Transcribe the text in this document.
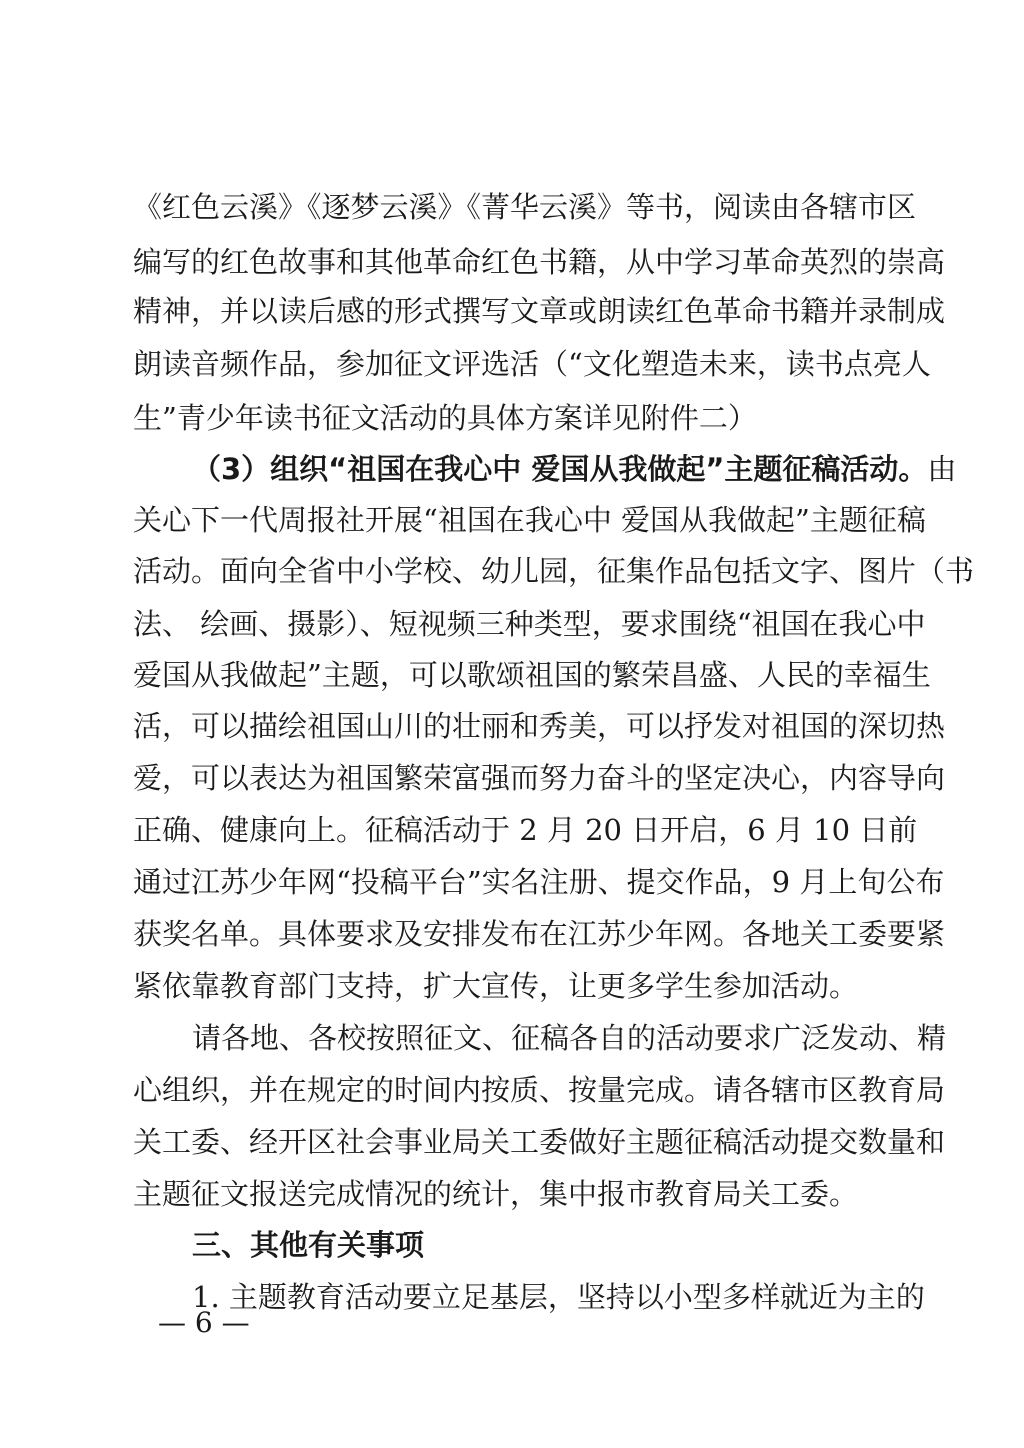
《红色云溪》《逐梦云溪》《菁华云溪》等书，阅读由各辖市区
编写的红色故事和其他革命红色书籍，从中学习革命英烈的崇高
精神，并以读后感的形式撰写文章或朗读红色革命书籍并录制成
朗读音频作品，参加征文评选活（“文化塑造未来，读书点亮人
生”青少年读书征文活动的具体方案详见附件二）
（3）组织“祖国在我心中 爱国从我做起”主题征稿活动。由
关心下一代周报社开展“祖国在我心中 爱国从我做起”主题征稿
活动。面向全省中小学校、幼儿园，征集作品包括文字、图片（书
法、 绘画、摄影）、短视频三种类型，要求围绕“祖国在我心中
爱国从我做起”主题，可以歌颂祖国的繁荣昌盛、人民的幸福生
活，可以描绘祖国山川的壮丽和秀美，可以抒发对祖国的深切热
爱，可以表达为祖国繁荣富强而努力奋斗的坚定决心，内容导向
正确、健康向上。征稿活动于 2 月 20 日开启，6 月 10 日前
通过江苏少年网“投稿平台”实名注册、提交作品，9 月上旬公布
获奖名单。具体要求及安排发布在江苏少年网。各地关工委要紧
紧依靠教育部门支持，扩大宣传，让更多学生参加活动。
请各地、各校按照征文、征稿各自的活动要求广泛发动、精
心组织，并在规定的时间内按质、按量完成。请各辖市区教育局
关工委、经开区社会事业局关工委做好主题征稿活动提交数量和
主题征文报送完成情况的统计，集中报市教育局关工委。
三、其他有关事项
1. 主题教育活动要立足基层，坚持以小型多样就近为主的
— 6 —
